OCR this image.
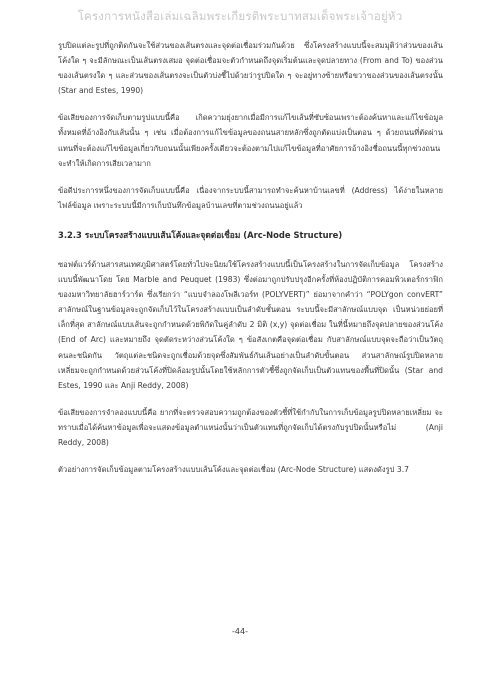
โครงการหนังสือเล่มเฉลิมพระเกียรติพระบาทสมเด็จพระเจ้าอยู่หัว

รูปปิดแต่ละรูปที่ถูกติดกันจะใช้ส่วนของเส้นตรงและจุดต่อเชื่อมร่วมกันด้วย ซึ่งโครงสร้างแบบนี้จะสมมุติว่าส่วนของเส้นโค้งใด ๆ จะมีลักษณะเป็นเส้นตรงเสมอ จุดต่อเชื่อมจะตัวกำหนดถึงจุดเริ่มต้นและจุดปลายทาง (From and To) ของส่วนของเส้นตรงใด ๆ และส่วนของเส้นตรงจะเป็นตัวบ่งชี้ไปด้วยว่ารูปปิดใด ๆ จะอยู่ทางซ้ายหรือขวาของส่วนของเส้นตรงนั้น (Star and Estes, 1990)

ข้อเสียของการจัดเก็บตามรูปแบบนี้คือ เกิดความยุ่งยากเมื่อมีการแก้ไขเส้นที่ซับซ้อนเพราะต้องค้นหาและแก้ไขข้อมูลทั้งหมดที่อ้างอิงกับเส้นนั้น ๆ เช่น เมื่อต้องการแก้ไขข้อมูลของถนนสายหลักซึ่งถูกตัดแบ่งเป็นตอน ๆ ด้วยถนนที่ตัดผ่าน แทนที่จะต้องแก้ไขข้อมูลเกี่ยวกับถนนนั้นเพียงครั้งเดียวจะต้องตามไปแก้ไขข้อมูลที่อาศัยการอ้างอิงชื่อถนนนี้ทุกช่วงถนน จะทำให้เกิดการเสียเวลามาก

ข้อดีประการหนึ่งของการจัดเก็บแบบนี้คือ เนื่องจากระบบนี้สามารถทำจะค้นหาบ้านเลขที่ (Address) ได้ง่ายในหลายไฟล์ข้อมูล เพราะระบบนี้มีการเก็บบันทึกข้อมูลบ้านเลขที่ตามช่วงถนนอยู่แล้ว

3.2.3 ระบบโครงสร้างแบบเส้นโค้งและจุดต่อเชื่อม (Arc-Node Structure)

ซอฟต์แวร์ด้านสารสนเทศภูมิศาสตร์โดยทั่วไปจะนิยมใช้โครงสร้างแบบนี้เป็นโครงสร้างในการจัดเก็บข้อมูล โครงสร้างแบบนี้พัฒนาโดย โดย Marble and Peuquet (1983) ซึ่งต่อมาถูกปรับปรุงอีกครั้งที่ห้องปฏิบัติการคอมพิวเตอร์กราฟิกของมหาวิทยาลัยฮาร์วาร์ด ซึ่งเรียกว่า “แบบจำลองโพลีเวอร์ท (POLYVERT)” ย่อมาจากคำว่า “POLYgon convERT” สาลักษณ์ในฐานข้อมูลจะถูกจัดเก็บไว้ในโครงสร้างแบบเป็นลำดับชั้นตอน ระบบนี้จะมีสาลักษณ์แบบจุด เป็นหน่วยย่อยที่เล็กที่สุด สาลักษณ์แบบเส้นจะถูกกำหนดด้วยพิกัดในคู่ลำดับ 2 มิติ (x,y) จุดต่อเชื่อม ในที่นี้หมายถึงจุดปลายของส่วนโค้ง (End of Arc) และหมายถึง จุดตัดระหว่างส่วนโค้งใด ๆ ข้อสังเกตคือจุดต่อเชื่อม กับสาลักษณ์แบบจุดจะถือว่าเป็นวัตถุคนละชนิดกัน วัตถุแต่ละชนิดจะถูกเชื่อมด้วยจุดซึ่งสัมพันธ์กันเส้นอย่างเป็นลำดับขั้นตอน ส่วนสาลักษณ์รูปปิดหลายเหลี่ยมจะถูกกำหนดด้วยส่วนโค้งที่ปิดล้อมรูปนั้นโดยใช้หลักการตัวชี้ซึ่งถูกจัดเก็บเป็นตัวแทนของพื้นที่ปิดนั้น (Star and Estes, 1990 และ Anji Reddy, 2008)

ข้อเสียของการจำลองแบบนี้คือ ยากที่จะตรวจสอบความถูกต้องของตัวชี้ที่ใช้กำกับในการเก็บข้อมูลรูปปิดหลายเหลี่ยม จะทราบเมื่อได้ค้นหาข้อมูลเพื่อจะแสดงข้อมูลตำแหน่งนั้นว่าเป็นตัวแทนที่ถูกจัดเก็บได้ตรงกับรูปปิดนั้นหรือไม่ (Anji Reddy, 2008)

ตัวอย่างการจัดเก็บข้อมูลตามโครงสร้างแบบเส้นโค้งและจุดต่อเชื่อม (Arc-Node Structure) แสดงดังรูป 3.7

-44-
